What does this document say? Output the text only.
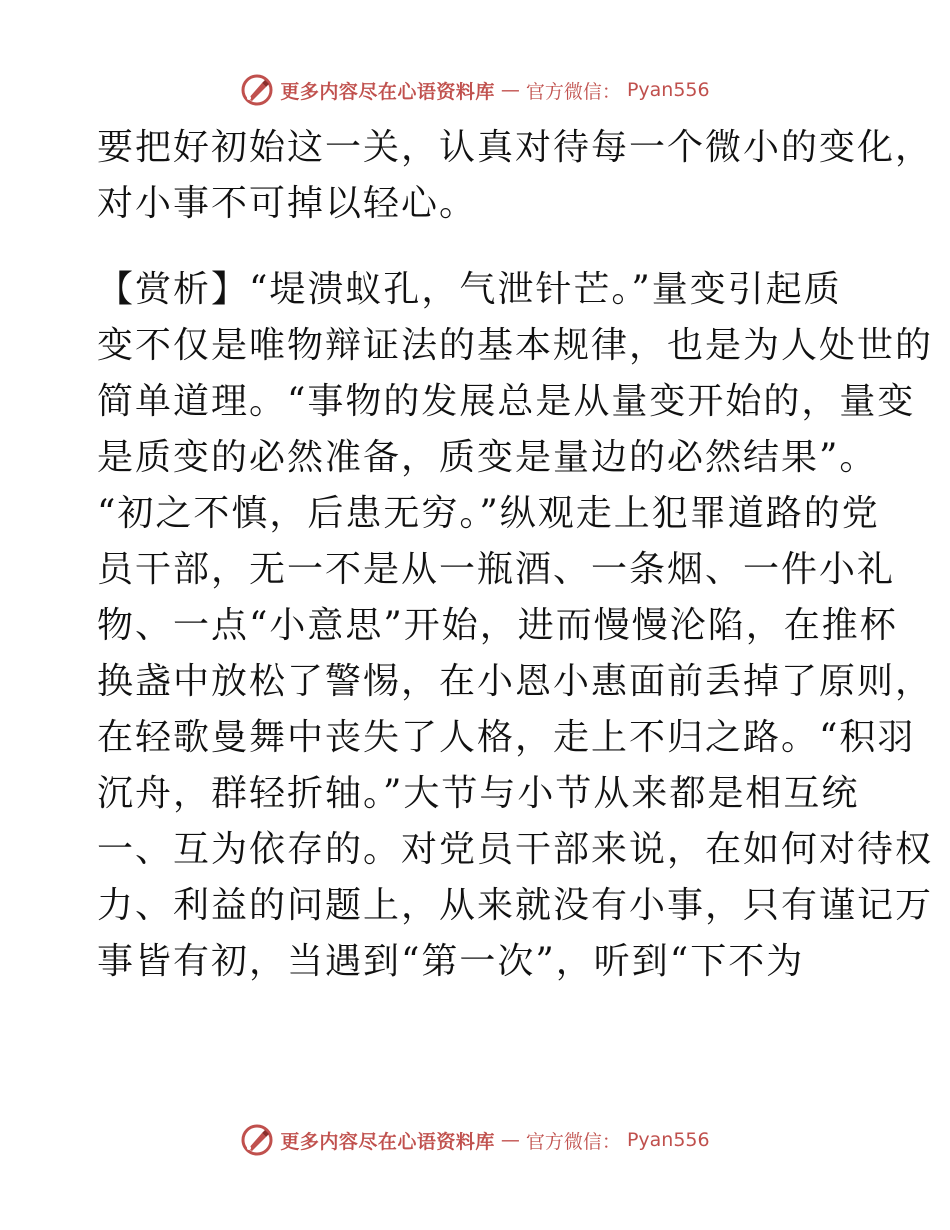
更多内容尽在心语资料库 — 官方微信： Pyan556
要把好初始这一关，认真对待每一个微小的变化，
对小事不可掉以轻心。
【赏析】“堤溃蚁孔，气泄针芒。”量变引起质
变不仅是唯物辩证法的基本规律，也是为人处世的
简单道理。“事物的发展总是从量变开始的，量变
是质变的必然准备，质变是量边的必然结果”。
“初之不慎，后患无穷。”纵观走上犯罪道路的党
员干部，无一不是从一瓶酒、一条烟、一件小礼
物、一点“小意思”开始，进而慢慢沦陷，在推杯
换盏中放松了警惕，在小恩小惠面前丢掉了原则，
在轻歌曼舞中丧失了人格，走上不归之路。“积羽
沉舟，群轻折轴。”大节与小节从来都是相互统
一、互为依存的。对党员干部来说，在如何对待权
力、利益的问题上，从来就没有小事，只有谨记万
事皆有初，当遇到“第一次”，听到“下不为
更多内容尽在心语资料库 — 官方微信： Pyan556
